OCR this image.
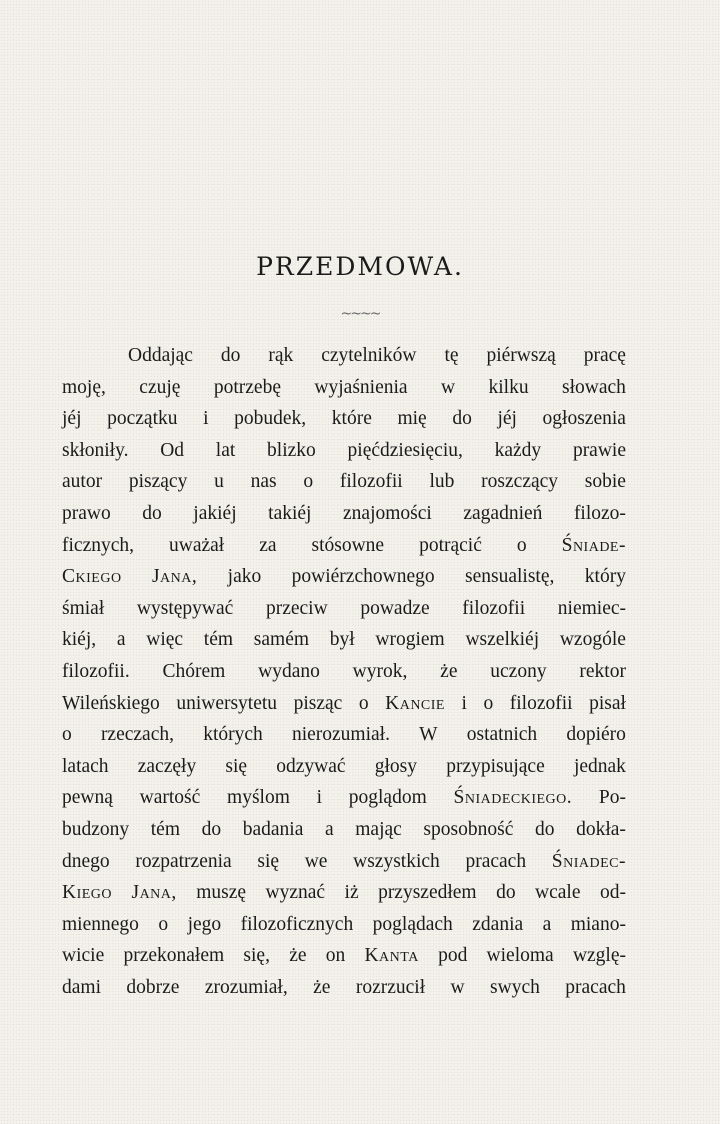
PRZEDMOWA.
~~~~
Oddając do rąk czytelników tę piérwszą pracę
moję, czuję potrzebę wyjaśnienia w kilku słowach
jéj początku i pobudek, które mię do jéj ogłoszenia
skłoniły. Od lat blizko pięćdziesięciu, każdy prawie
autor piszący u nas o filozofii lub roszczący sobie
prawo do jakiéj takiéj znajomości zagadnień filozo-
ficznych, uważał za stósowne potrącić o Śniade-
Ckiego Jana, jako powiérzchownego sensualistę, który
śmiał występywać przeciw powadze filozofii niemiec-
kiéj, a więc tém samém był wrogiem wszelkiéj wzogóle
filozofii. Chórem wydano wyrok, że uczony rektor
Wileńskiego uniwersytetu pisząc o Kancie i o filozofii pisał
o rzeczach, których nierozumiał. W ostatnich dopiéro
latach zaczęły się odzywać głosy przypisujące jednak
pewną wartość myślom i poglądom Śniadeckiego. Po-
budzony tém do badania a mając sposobność do dokła-
dnego rozpatrzenia się we wszystkich pracach Śniadec-
Kiego Jana, muszę wyznać iż przyszedłem do wcale od-
miennego o jego filozoficznych poglądach zdania a miano-
wicie przekonałem się, że on Kanta pod wieloma wzglę-
dami dobrze zrozumiał, że rozrzucił w swych pracach
